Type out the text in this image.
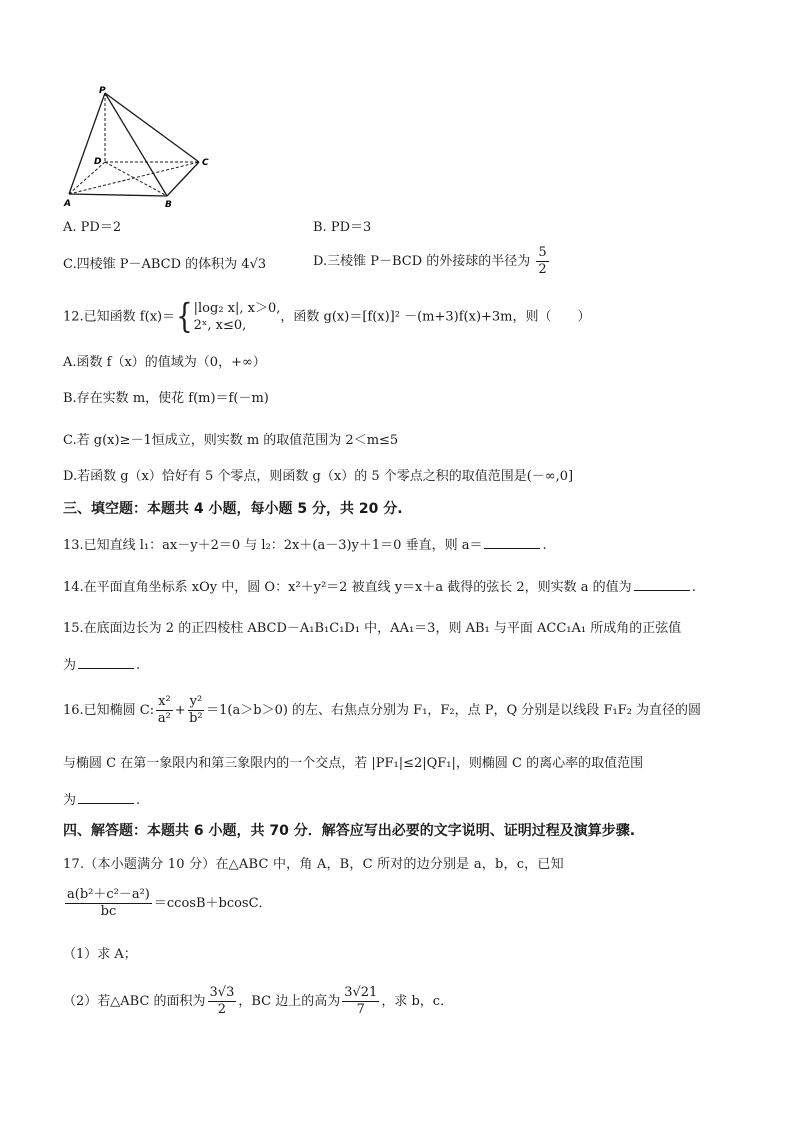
P
D	C
A	B
A. PD＝2	B. PD＝3
C.四棱锥 P－ABCD 的体积为 4√3	D.三棱锥 P－BCD 的外接球的半径为 $\frac{5}{2}$
12.已知函数 f(x)＝{ |log₂ x|, x＞0,
2ˣ, x≤0,
，函数 g(x)＝[f(x)]² －(m+3)f(x)+3m，则（　　）
A.函数 f（x）的值域为（0，+∞）
B.存在实数 m，使花 f(m)＝f(－m)
C.若 g(x)≥－1恒成立，则实数 m 的取值范围为 2＜m≤5
D.若函数 g（x）恰好有 5 个零点，则函数 g（x）的 5 个零点之积的取值范围是(－∞,0]
三、填空题：本题共 4 小题，每小题 5 分，共 20 分.
13.已知直线 l₁：ax－y＋2＝0 与 l₂：2x＋(a－3)y＋1＝0 垂直，则 a＝	.
14.在平面直角坐标系 xOy 中，圆 O：x²＋y²＝2 被直线 y＝x＋a 截得的弦长 2，则实数 a 的值为	.
15.在底面边长为 2 的正四棱柱 ABCD－A₁B₁C₁D₁ 中，AA₁＝3，则 AB₁ 与平面 ACC₁A₁ 所成角的正弦值
为	.
16.已知椭圆 C: $\frac{\text{x²}}{\text{a²}} + \frac{\text{y²}}{\text{b²}} =1(a>b>0)$ 的左、右焦点分别为 F₁，F₂，点 P，Q 分别是以线段 F₁F₂ 为直径的圆
与椭圆 C 在第一象限内和第三象限内的一个交点，若 |PF₁|≤2|QF₁|，则椭圆 C 的离心率的取值范围
为	.
四、解答题：本题共 6 小题，共 70 分．解答应写出必要的文字说明、证明过程及演算步骤.
17.（本小题满分 10 分）在△ABC 中，角 A，B，C 所对的边分别是 a，b，c，已知
$\frac{\text{a(b²＋c²－a²)}}{bc} =ccosB+bcosC$．
（1）求 A；
（2）若△ABC 的面积为 $\frac{3√3}{2}$ ，BC 边上的高为 $\frac{3√21}{7}$ ，求 b，c．
